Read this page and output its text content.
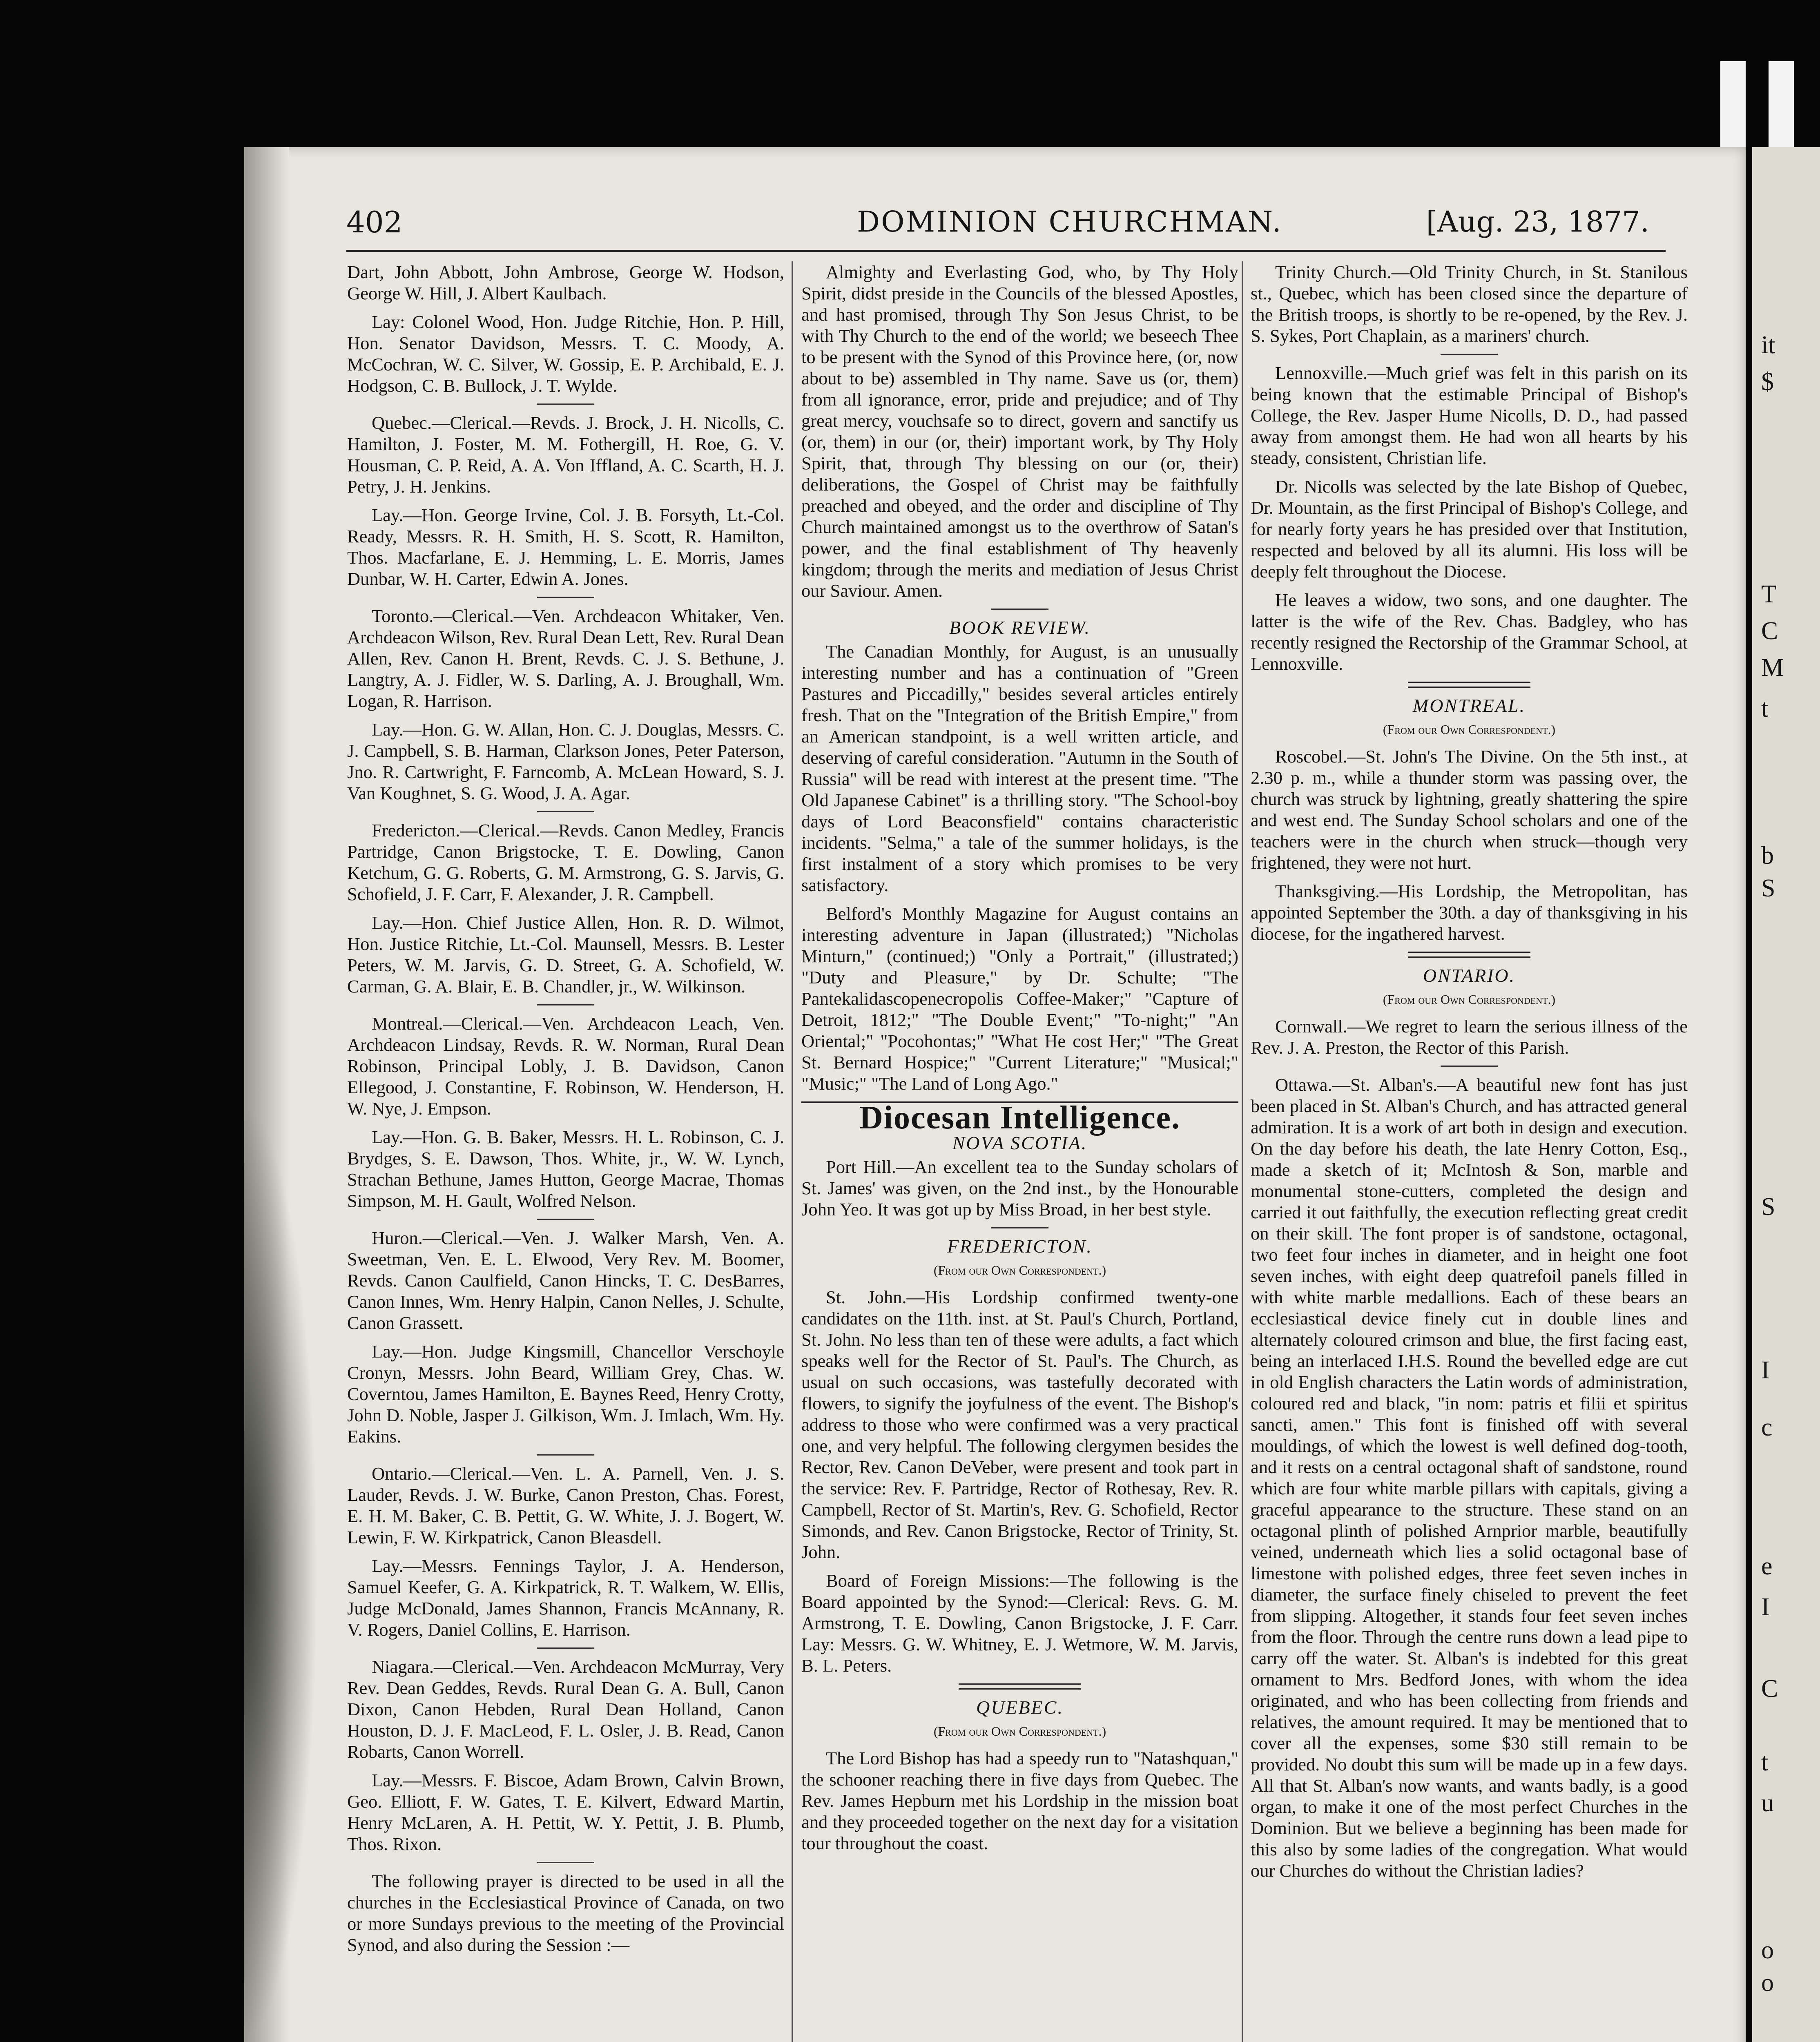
it
$
T
C
M
t
b
S
S
I
c
e
I
C
t
u
o
o
402	DOMINION CHURCHMAN.	[Aug. 23, 1877.

Dart, John Abbott, John Ambrose, George W. Hodson, George W. Hill, J. Albert Kaulbach.

Lay: Colonel Wood, Hon. Judge Ritchie, Hon. P. Hill, Hon. Senator Davidson, Messrs. T. C. Moody, A. McCochran, W. C. Silver, W. Gossip, E. P. Archibald, E. J. Hodgson, C. B. Bullock, J. T. Wylde.

Quebec.—Clerical.—Revds. J. Brock, J. H. Nicolls, C. Hamilton, J. Foster, M. M. Fothergill, H. Roe, G. V. Housman, C. P. Reid, A. A. Von Iffland, A. C. Scarth, H. J. Petry, J. H. Jenkins.

Lay.—Hon. George Irvine, Col. J. B. Forsyth, Lt.-Col. Ready, Messrs. R. H. Smith, H. S. Scott, R. Hamilton, Thos. Macfarlane, E. J. Hemming, L. E. Morris, James Dunbar, W. H. Carter, Edwin A. Jones.

Toronto.—Clerical.—Ven. Archdeacon Whitaker, Ven. Archdeacon Wilson, Rev. Rural Dean Lett, Rev. Rural Dean Allen, Rev. Canon H. Brent, Revds. C. J. S. Bethune, J. Langtry, A. J. Fidler, W. S. Darling, A. J. Broughall, Wm. Logan, R. Harrison.

Lay.—Hon. G. W. Allan, Hon. C. J. Douglas, Messrs. C. J. Campbell, S. B. Harman, Clarkson Jones, Peter Paterson, Jno. R. Cartwright, F. Farncomb, A. McLean Howard, S. J. Van Koughnet, S. G. Wood, J. A. Agar.

Fredericton.—Clerical.—Revds. Canon Medley, Francis Partridge, Canon Brigstocke, T. E. Dowling, Canon Ketchum, G. G. Roberts, G. M. Armstrong, G. S. Jarvis, G. Schofield, J. F. Carr, F. Alexander, J. R. Campbell.

Lay.—Hon. Chief Justice Allen, Hon. R. D. Wilmot, Hon. Justice Ritchie, Lt.-Col. Maunsell, Messrs. B. Lester Peters, W. M. Jarvis, G. D. Street, G. A. Schofield, W. Carman, G. A. Blair, E. B. Chandler, jr., W. Wilkinson.

Montreal.—Clerical.—Ven. Archdeacon Leach, Ven. Archdeacon Lindsay, Revds. R. W. Norman, Rural Dean Robinson, Principal Lobly, J. B. Davidson, Canon Ellegood, J. Constantine, F. Robinson, W. Henderson, H. W. Nye, J. Empson.

Lay.—Hon. G. B. Baker, Messrs. H. L. Robinson, C. J. Brydges, S. E. Dawson, Thos. White, jr., W. W. Lynch, Strachan Bethune, James Hutton, George Macrae, Thomas Simpson, M. H. Gault, Wolfred Nelson.

Huron.—Clerical.—Ven. J. Walker Marsh, Ven. A. Sweetman, Ven. E. L. Elwood, Very Rev. M. Boomer, Revds. Canon Caulfield, Canon Hincks, T. C. DesBarres, Canon Innes, Wm. Henry Halpin, Canon Nelles, J. Schulte, Canon Grassett.

Lay.—Hon. Judge Kingsmill, Chancellor Verschoyle Cronyn, Messrs. John Beard, William Grey, Chas. W. Coverntou, James Hamilton, E. Baynes Reed, Henry Crotty, John D. Noble, Jasper J. Gilkison, Wm. J. Imlach, Wm. Hy. Eakins.

Ontario.—Clerical.—Ven. L. A. Parnell, Ven. J. S. Lauder, Revds. J. W. Burke, Canon Preston, Chas. Forest, E. H. M. Baker, C. B. Pettit, G. W. White, J. J. Bogert, W. Lewin, F. W. Kirkpatrick, Canon Bleasdell.

Lay.—Messrs. Fennings Taylor, J. A. Henderson, Samuel Keefer, G. A. Kirkpatrick, R. T. Walkem, W. Ellis, Judge McDonald, James Shannon, Francis McAnnany, R. V. Rogers, Daniel Collins, E. Harrison.

Niagara.—Clerical.—Ven. Archdeacon McMurray, Very Rev. Dean Geddes, Revds. Rural Dean G. A. Bull, Canon Dixon, Canon Hebden, Rural Dean Holland, Canon Houston, D. J. F. MacLeod, F. L. Osler, J. B. Read, Canon Robarts, Canon Worrell.

Lay.—Messrs. F. Biscoe, Adam Brown, Calvin Brown, Geo. Elliott, F. W. Gates, T. E. Kilvert, Edward Martin, Henry McLaren, A. H. Pettit, W. Y. Pettit, J. B. Plumb, Thos. Rixon.

The following prayer is directed to be used in all the churches in the Ecclesiastical Province of Canada, on two or more Sundays previous to the meeting of the Provincial Synod, and also during the Session :—

Almighty and Everlasting God, who, by Thy Holy Spirit, didst preside in the Councils of the blessed Apostles, and hast promised, through Thy Son Jesus Christ, to be with Thy Church to the end of the world; we beseech Thee to be present with the Synod of this Province here, (or, now about to be) assembled in Thy name. Save us (or, them) from all ignorance, error, pride and prejudice; and of Thy great mercy, vouchsafe so to direct, govern and sanctify us (or, them) in our (or, their) important work, by Thy Holy Spirit, that, through Thy blessing on our (or, their) deliberations, the Gospel of Christ may be faithfully preached and obeyed, and the order and discipline of Thy Church maintained amongst us to the overthrow of Satan's power, and the final establishment of Thy heavenly kingdom; through the merits and mediation of Jesus Christ our Saviour. Amen.

BOOK REVIEW.

The Canadian Monthly, for August, is an unusually interesting number and has a continuation of "Green Pastures and Piccadilly," besides several articles entirely fresh. That on the "Integration of the British Empire," from an American standpoint, is a well written article, and deserving of careful consideration. "Autumn in the South of Russia" will be read with interest at the present time. "The Old Japanese Cabinet" is a thrilling story. "The School-boy days of Lord Beaconsfield" contains characteristic incidents. "Selma," a tale of the summer holidays, is the first instalment of a story which promises to be very satisfactory.

Belford's Monthly Magazine for August contains an interesting adventure in Japan (illustrated;) "Nicholas Minturn," (continued;) "Only a Portrait," (illustrated;) "Duty and Pleasure," by Dr. Schulte; "The Pantekalidascopenecropolis Coffee-Maker;" "Capture of Detroit, 1812;" "The Double Event;" "To-night;" "An Oriental;" "Pocohontas;" "What He cost Her;" "The Great St. Bernard Hospice;" "Current Literature;" "Musical;" "Music;" "The Land of Long Ago."

Diocesan Intelligence.
NOVA SCOTIA.

Port Hill.—An excellent tea to the Sunday scholars of St. James' was given, on the 2nd inst., by the Honourable John Yeo. It was got up by Miss Broad, in her best style.

FREDERICTON.
(From our Own Correspondent.)

St. John.—His Lordship confirmed twenty-one candidates on the 11th. inst. at St. Paul's Church, Portland, St. John. No less than ten of these were adults, a fact which speaks well for the Rector of St. Paul's. The Church, as usual on such occasions, was tastefully decorated with flowers, to signify the joyfulness of the event. The Bishop's address to those who were confirmed was a very practical one, and very helpful. The following clergymen besides the Rector, Rev. Canon DeVeber, were present and took part in the service: Rev. F. Partridge, Rector of Rothesay, Rev. R. Campbell, Rector of St. Martin's, Rev. G. Schofield, Rector Simonds, and Rev. Canon Brigstocke, Rector of Trinity, St. John.

Board of Foreign Missions:—The following is the Board appointed by the Synod:—Clerical: Revs. G. M. Armstrong, T. E. Dowling, Canon Brigstocke, J. F. Carr. Lay: Messrs. G. W. Whitney, E. J. Wetmore, W. M. Jarvis, B. L. Peters.

QUEBEC.
(From our Own Correspondent.)

The Lord Bishop has had a speedy run to "Natashquan," the schooner reaching there in five days from Quebec. The Rev. James Hepburn met his Lordship in the mission boat and they proceeded together on the next day for a visitation tour throughout the coast.

Trinity Church.—Old Trinity Church, in St. Stanilous st., Quebec, which has been closed since the departure of the British troops, is shortly to be re-opened, by the Rev. J. S. Sykes, Port Chaplain, as a mariners' church.

Lennoxville.—Much grief was felt in this parish on its being known that the estimable Principal of Bishop's College, the Rev. Jasper Hume Nicolls, D. D., had passed away from amongst them. He had won all hearts by his steady, consistent, Christian life.

Dr. Nicolls was selected by the late Bishop of Quebec, Dr. Mountain, as the first Principal of Bishop's College, and for nearly forty years he has presided over that Institution, respected and beloved by all its alumni. His loss will be deeply felt throughout the Diocese.

He leaves a widow, two sons, and one daughter. The latter is the wife of the Rev. Chas. Badgley, who has recently resigned the Rectorship of the Grammar School, at Lennoxville.

MONTREAL.
(From our Own Correspondent.)

Roscobel.—St. John's The Divine. On the 5th inst., at 2.30 p. m., while a thunder storm was passing over, the church was struck by lightning, greatly shattering the spire and west end. The Sunday School scholars and one of the teachers were in the church when struck—though very frightened, they were not hurt.

Thanksgiving.—His Lordship, the Metropolitan, has appointed September the 30th. a day of thanksgiving in his diocese, for the ingathered harvest.

ONTARIO.
(From our Own Correspondent.)

Cornwall.—We regret to learn the serious illness of the Rev. J. A. Preston, the Rector of this Parish.

Ottawa.—St. Alban's.—A beautiful new font has just been placed in St. Alban's Church, and has attracted general admiration. It is a work of art both in design and execution. On the day before his death, the late Henry Cotton, Esq., made a sketch of it; McIntosh & Son, marble and monumental stone-cutters, completed the design and carried it out faithfully, the execution reflecting great credit on their skill. The font proper is of sandstone, octagonal, two feet four inches in diameter, and in height one foot seven inches, with eight deep quatrefoil panels filled in with white marble medallions. Each of these bears an ecclesiastical device finely cut in double lines and alternately coloured crimson and blue, the first facing east, being an interlaced I.H.S. Round the bevelled edge are cut in old English characters the Latin words of administration, coloured red and black, "in nom: patris et filii et spiritus sancti, amen." This font is finished off with several mouldings, of which the lowest is well defined dog-tooth, and it rests on a central octagonal shaft of sandstone, round which are four white marble pillars with capitals, giving a graceful appearance to the structure. These stand on an octagonal plinth of polished Arnprior marble, beautifully veined, underneath which lies a solid octagonal base of limestone with polished edges, three feet seven inches in diameter, the surface finely chiseled to prevent the feet from slipping. Altogether, it stands four feet seven inches from the floor. Through the centre runs down a lead pipe to carry off the water. St. Alban's is indebted for this great ornament to Mrs. Bedford Jones, with whom the idea originated, and who has been collecting from friends and relatives, the amount required. It may be mentioned that to cover all the expenses, some $30 still remain to be provided. No doubt this sum will be made up in a few days. All that St. Alban's now wants, and wants badly, is a good organ, to make it one of the most perfect Churches in the Dominion. But we believe a beginning has been made for this also by some ladies of the congregation. What would our Churches do without the Christian ladies?
